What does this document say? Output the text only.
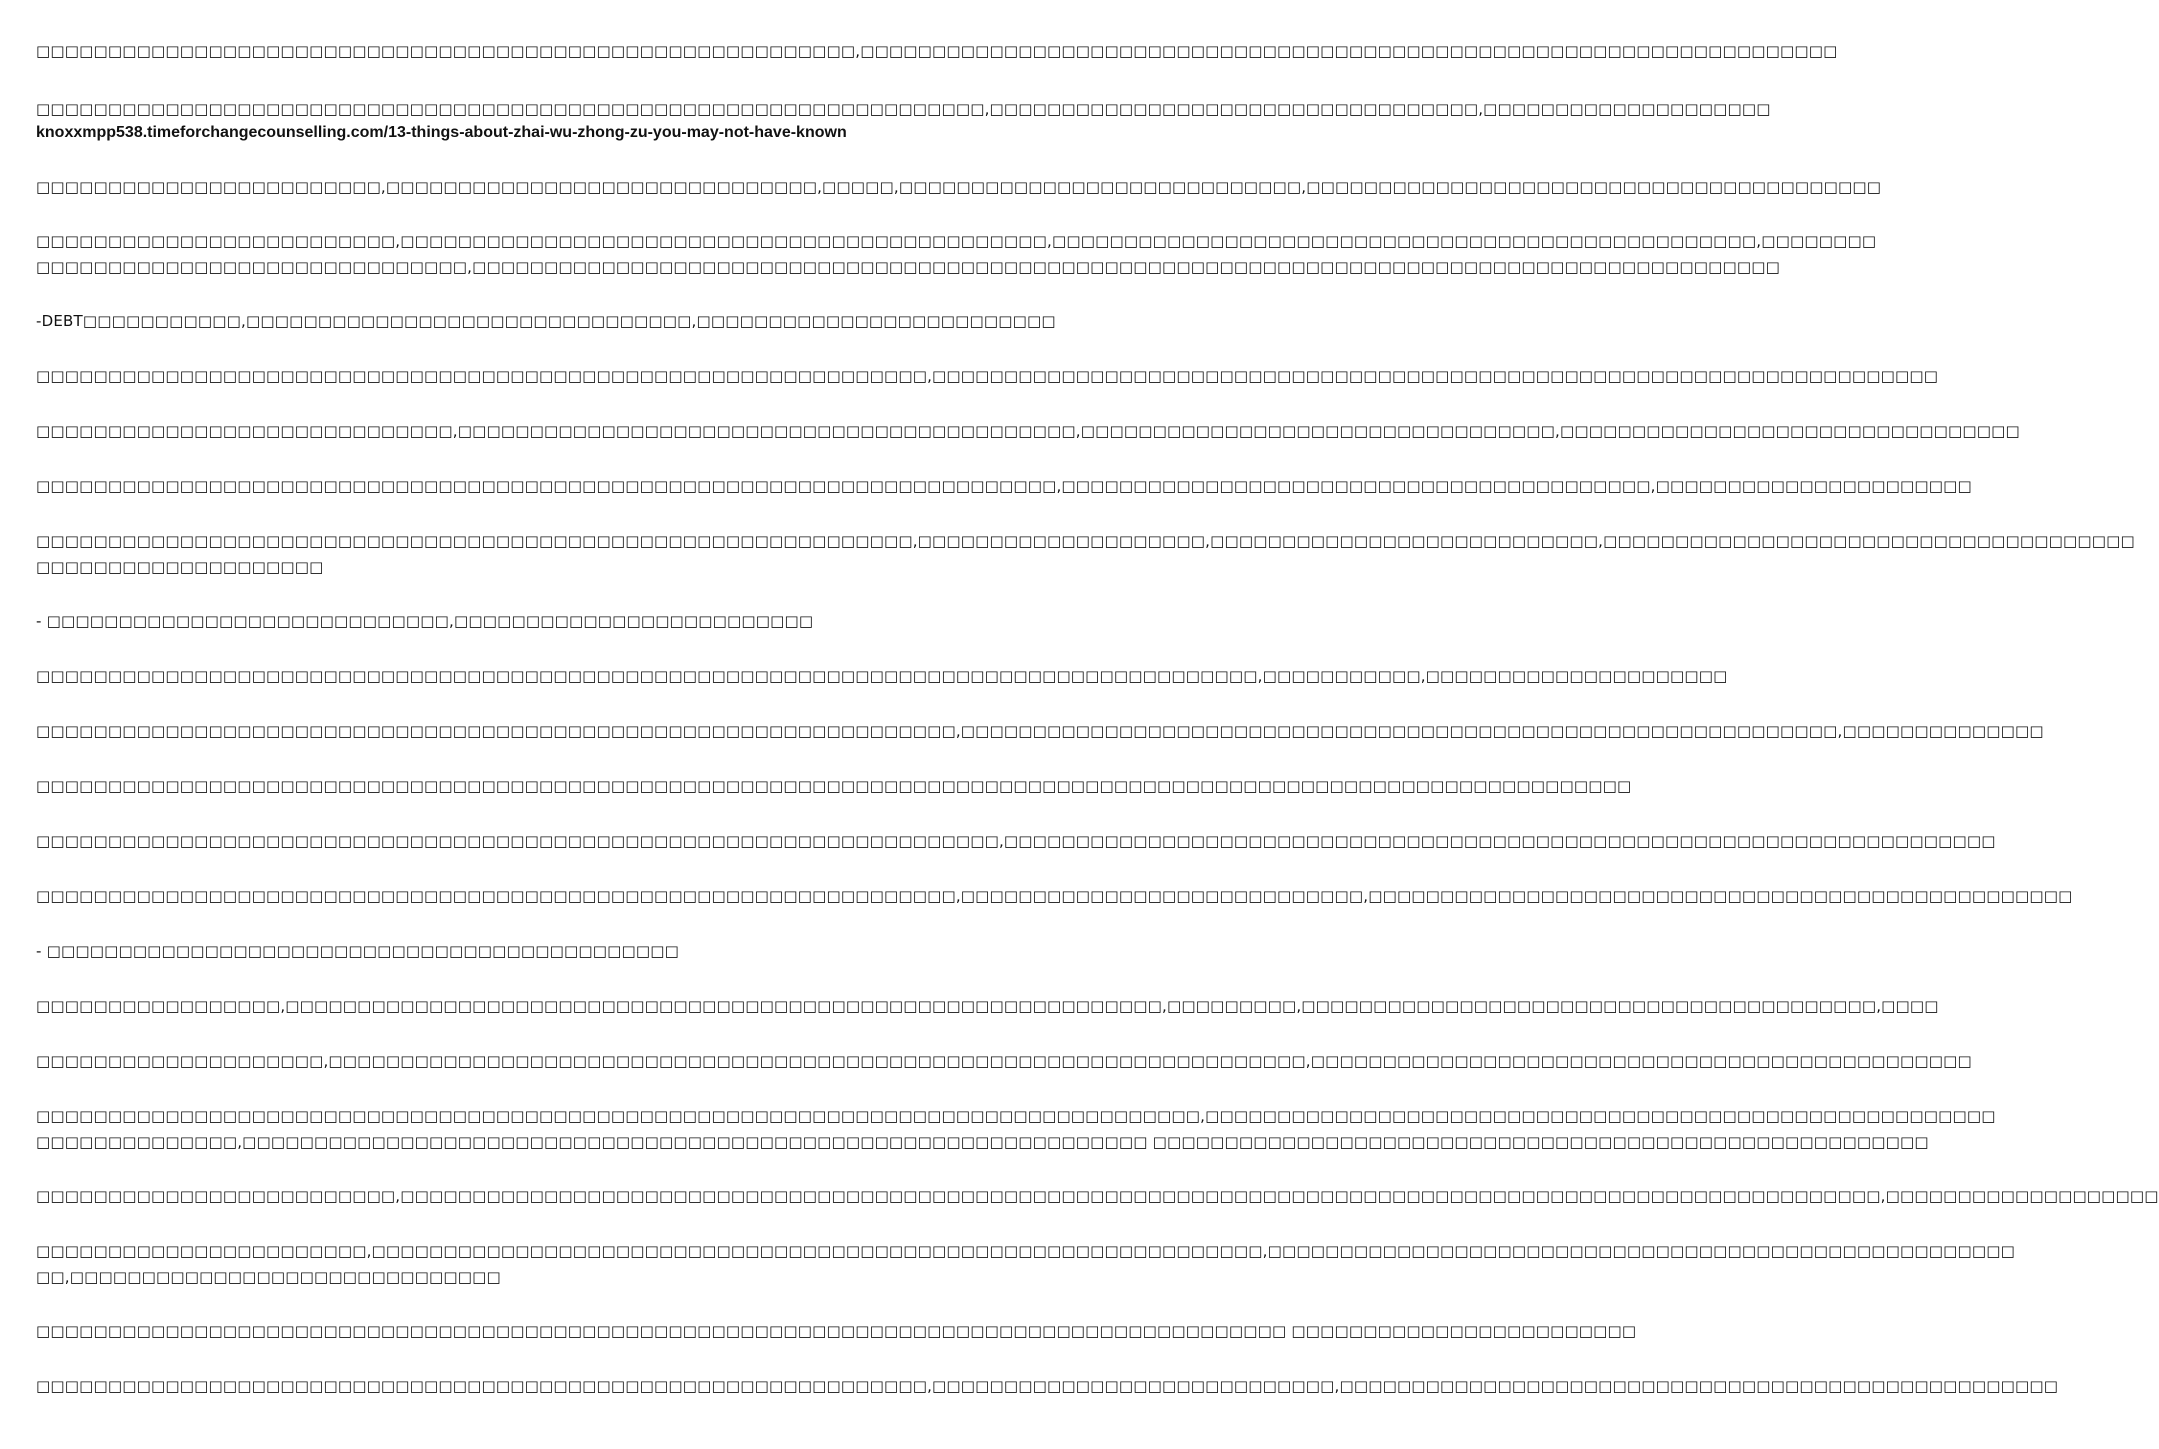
□□□□□□□□□□□□□□□□□□□□□□□□□□□□□□□□□□□□□□□□□□□□□□□□□□□□□□□□□,□□□□□□□□□□□□□□□□□□□□□□□□□□□□□□□□□□□□□□□□□□□□□□□□□□□□□□□□□□□□□□□□□□□□
□□□□□□□□□□□□□□□□□□□□□□□□□□□□□□□□□□□□□□□□□□□□□□□□□□□□□□□□□□□□□□□□□□,□□□□□□□□□□□□□□□□□□□□□□□□□□□□□□□□□□,□□□□□□□□□□□□□□□□□□□□
□□□□□□□□□□□□□□□□□□□□□□□□,□□□□□□□□□□□□□□□□□□□□□□□□□□□□□□,□□□□□,□□□□□□□□□□□□□□□□□□□□□□□□□□□□,□□□□□□□□□□□□□□□□□□□□□□□□□□□□□□□□□□□□□□□□
□□□□□□□□□□□□□□□□□□□□□□□□□,□□□□□□□□□□□□□□□□□□□□□□□□□□□□□□□□□□□□□□□□□□□□□,□□□□□□□□□□□□□□□□□□□□□□□□□□□□□□□□□□□□□□□□□□□□□□□□□,□□□□□□□□
□□□□□□□□□□□□□□□□□□□□□□□□□□□□□□,□□□□□□□□□□□□□□□□□□□□□□□□□□□□□□□□□□□□□□□□□□□□□□□□□□□□□□□□□□□□□□□□□□□□□□□□□□□□□□□□□□□□□□□□□□□
-DEBT□□□□□□□□□□□,□□□□□□□□□□□□□□□□□□□□□□□□□□□□□□□,□□□□□□□□□□□□□□□□□□□□□□□□□
□□□□□□□□□□□□□□□□□□□□□□□□□□□□□□□□□□□□□□□□□□□□□□□□□□□□□□□□□□□□□□,□□□□□□□□□□□□□□□□□□□□□□□□□□□□□□□□□□□□□□□□□□□□□□□□□□□□□□□□□□□□□□□□□□□□□□
□□□□□□□□□□□□□□□□□□□□□□□□□□□□□,□□□□□□□□□□□□□□□□□□□□□□□□□□□□□□□□□□□□□□□□□□□,□□□□□□□□□□□□□□□□□□□□□□□□□□□□□□□□□,□□□□□□□□□□□□□□□□□□□□□□□□□□□□□□□□
□□□□□□□□□□□□□□□□□□□□□□□□□□□□□□□□□□□□□□□□□□□□□□□□□□□□□□□□□□□□□□□□□□□□□□□,□□□□□□□□□□□□□□□□□□□□□□□□□□□□□□□□□□□□□□□□□,□□□□□□□□□□□□□□□□□□□□□□
□□□□□□□□□□□□□□□□□□□□□□□□□□□□□□□□□□□□□□□□□□□□□□□□□□□□□□□□□□□□□,□□□□□□□□□□□□□□□□□□□□,□□□□□□□□□□□□□□□□□□□□□□□□□□□,□□□□□□□□□□□□□□□□□□□□□□□□□□□□□□□□□□□□□
□□□□□□□□□□□□□□□□□□□□
- □□□□□□□□□□□□□□□□□□□□□□□□□□□□,□□□□□□□□□□□□□□□□□□□□□□□□□
□□□□□□□□□□□□□□□□□□□□□□□□□□□□□□□□□□□□□□□□□□□□□□□□□□□□□□□□□□□□□□□□□□□□□□□□□□□□□□□□□□□□□,□□□□□□□□□□□,□□□□□□□□□□□□□□□□□□□□□
□□□□□□□□□□□□□□□□□□□□□□□□□□□□□□□□□□□□□□□□□□□□□□□□□□□□□□□□□□□□□□□□,□□□□□□□□□□□□□□□□□□□□□□□□□□□□□□□□□□□□□□□□□□□□□□□□□□□□□□□□□□□□□,□□□□□□□□□□□□□□
□□□□□□□□□□□□□□□□□□□□□□□□□□□□□□□□□□□□□□□□□□□□□□□□□□□□□□□□□□□□□□□□□□□□□□□□□□□□□□□□□□□□□□□□□□□□□□□□□□□□□□□□□□□□□□□
□□□□□□□□□□□□□□□□□□□□□□□□□□□□□□□□□□□□□□□□□□□□□□□□□□□□□□□□□□□□□□□□□□□,□□□□□□□□□□□□□□□□□□□□□□□□□□□□□□□□□□□□□□□□□□□□□□□□□□□□□□□□□□□□□□□□□□□□□
□□□□□□□□□□□□□□□□□□□□□□□□□□□□□□□□□□□□□□□□□□□□□□□□□□□□□□□□□□□□□□□□,□□□□□□□□□□□□□□□□□□□□□□□□□□□□,□□□□□□□□□□□□□□□□□□□□□□□□□□□□□□□□□□□□□□□□□□□□□□□□□
- □□□□□□□□□□□□□□□□□□□□□□□□□□□□□□□□□□□□□□□□□□□□
□□□□□□□□□□□□□□□□□,□□□□□□□□□□□□□□□□□□□□□□□□□□□□□□□□□□□□□□□□□□□□□□□□□□□□□□□□□□□□□,□□□□□□□□□,□□□□□□□□□□□□□□□□□□□□□□□□□□□□□□□□□□□□□□□□,□□□□
□□□□□□□□□□□□□□□□□□□□,□□□□□□□□□□□□□□□□□□□□□□□□□□□□□□□□□□□□□□□□□□□□□□□□□□□□□□□□□□□□□□□□□□□□,□□□□□□□□□□□□□□□□□□□□□□□□□□□□□□□□□□□□□□□□□□□□□□
□□□□□□□□□□□□□□□□□□□□□□□□□□□□□□□□□□□□□□□□□□□□□□□□□□□□□□□□□□□□□□□□□□□□□□□□□□□□□□□□□,□□□□□□□□□□□□□□□□□□□□□□□□□□□□□□□□□□□□□□□□□□□□□□□□□□□□□□□
□□□□□□□□□□□□□□,□□□□□□□□□□□□□□□□□□□□□□□□□□□□□□□□□□□□□□□□□□□□□□□□□□□□□□□□□□□□□□□ □□□□□□□□□□□□□□□□□□□□□□□□□□□□□□□□□□□□□□□□□□□□□□□□□□□□□□
□□□□□□□□□□□□□□□□□□□□□□□□□,□□□□□□□□□□□□□□□□□□□□□□□□□□□□□□□□□□□□□□□□□□□□□□□□□□□□□□□□□□□□□□□□□□□□□□□□□□□□□□□□□□□□□□□□□□□□□□□□□□□□□□□,□□□□□□□□□□□□□□□□□□□
□□□□□□□□□□□□□□□□□□□□□□□,□□□□□□□□□□□□□□□□□□□□□□□□□□□□□□□□□□□□□□□□□□□□□□□□□□□□□□□□□□□□□□,□□□□□□□□□□□□□□□□□□□□□□□□□□□□□□□□□□□□□□□□□□□□□□□□□□□□
□□,□□□□□□□□□□□□□□□□□□□□□□□□□□□□□□
□□□□□□□□□□□□□□□□□□□□□□□□□□□□□□□□□□□□□□□□□□□□□□□□□□□□□□□□□□□□□□□□□□□□□□□□□□□□□□□□□□□□□□□ □□□□□□□□□□□□□□□□□□□□□□□□
□□□□□□□□□□□□□□□□□□□□□□□□□□□□□□□□□□□□□□□□□□□□□□□□□□□□□□□□□□□□□□,□□□□□□□□□□□□□□□□□□□□□□□□□□□□,□□□□□□□□□□□□□□□□□□□□□□□□□□□□□□□□□□□□□□□□□□□□□□□□□□
knoxxmpp538.timeforchangecounselling.com/13-things-about-zhai-wu-zhong-zu-you-may-not-have-known
